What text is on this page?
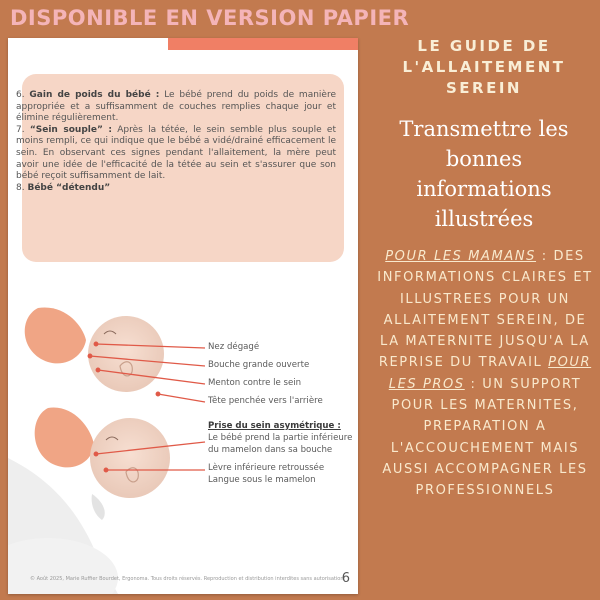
DISPONIBLE EN VERSION PAPIER
6. Gain de poids du bébé : Le bébé prend du poids de manière appropriée et a suffisamment de couches remplies chaque jour et élimine régulièrement.
7. “Sein souple” : Après la tétée, le sein semble plus souple et moins rempli, ce qui indique que le bébé a vidé/drainé efficacement le sein. En observant ces signes pendant l'allaitement, la mère peut avoir une idée de l'efficacité de la tétée au sein et s'assurer que son bébé reçoit suffisamment de lait.
8. Bébé “détendu”
Nez dégagé
Bouche grande ouverte
Menton contre le sein
Tête penchée vers l'arrière
Prise du sein asymétrique :
Le bébé prend la partie inférieure
du mamelon dans sa bouche
Lèvre inférieure retroussée
Langue sous le mamelon
© Août 2025, Marie Ruffier Bourdet, Ergonoma. Tous droits réservés. Reproduction et distribution interdites sans autorisation.
6
LE GUIDE DE
L'ALLAITEMENT
SEREIN
Transmettre les
bonnes
informations
illustrées
POUR LES MAMANS : DES INFORMATIONS CLAIRES ET ILLUSTREES POUR UN ALLAITEMENT SEREIN, DE LA MATERNITE JUSQU'A LA REPRISE DU TRAVAIL POUR LES PROS : UN SUPPORT POUR LES MATERNITES, PREPARATION A L'ACCOUCHEMENT MAIS AUSSI ACCOMPAGNER LES PROFESSIONNELS
